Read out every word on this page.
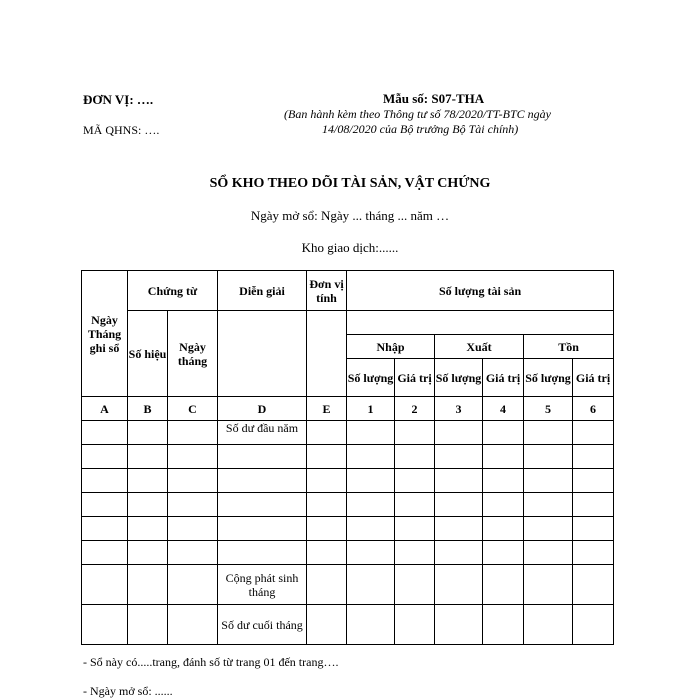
ĐƠN VỊ: ….
MÃ QHNS: ….
Mẫu số: S07-THA
(Ban hành kèm theo Thông tư số 78/2020/TT-BTC ngày
14/08/2020 của Bộ trưởng Bộ Tài chính)
SỔ KHO THEO DÕI TÀI SẢN, VẬT CHỨNG
Ngày mở sổ: Ngày ... tháng ... năm …
Kho giao dịch:......
Ngày Tháng ghi sổ	Chứng từ		Diễn giải	Đơn vị tính	Số lượng tài sản					
	Số hiệu	Ngày tháng								
					Nhập		Xuất		Tồn	
					Số lượng	Giá trị	Số lượng	Giá trị	Số lượng	Giá trị
A	B	C	D	E	1	2	3	4	5	6
			Số dư đầu năm							

			Cộng phát sinh tháng							
			Số dư cuối tháng							
- Sổ này có.....trang, đánh số từ trang 01 đến trang….
- Ngày mở sổ: ......
